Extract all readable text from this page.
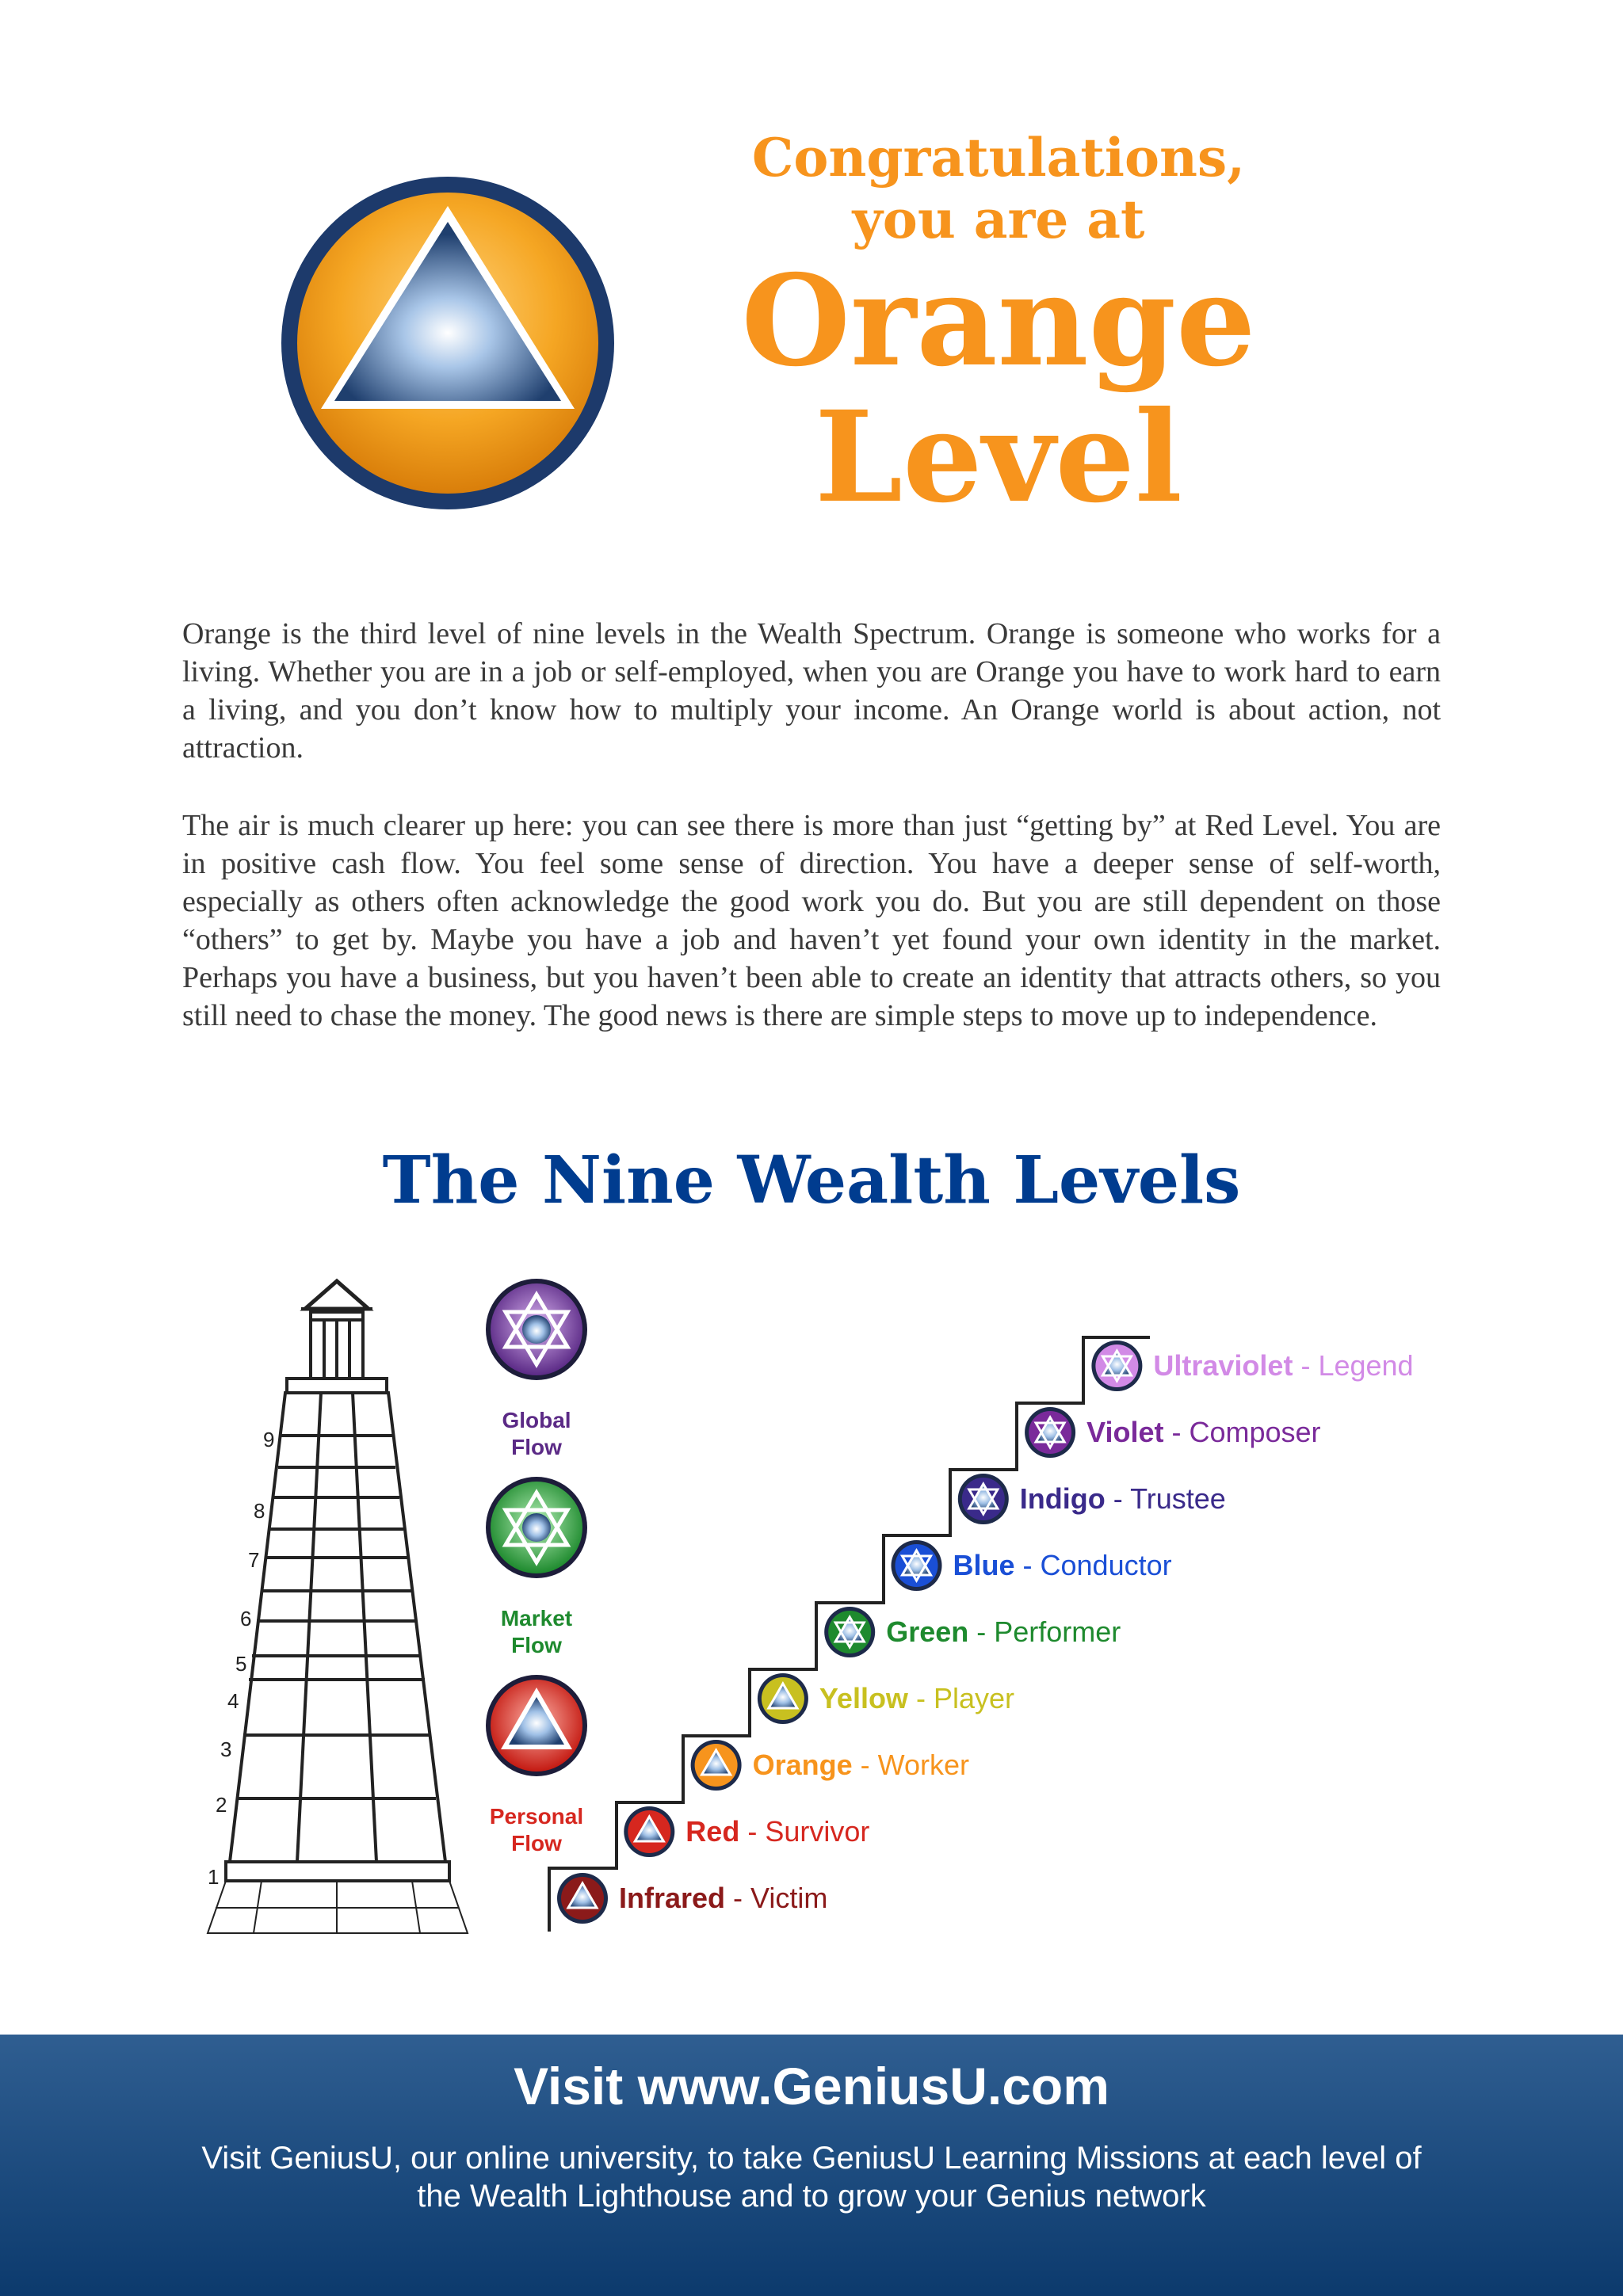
Congratulations,
you are at
Orange
Level

Orange is the third level of nine levels in the Wealth Spectrum. Orange is someone who works for a living. Whether you are in a job or self-employed, when you are Orange you have to work hard to earn a living, and you don’t know how to multiply your income. An Orange world is about action, not attraction.

The air is much clearer up here: you can see there is more than just “getting by” at Red Level. You are in positive cash flow. You feel some sense of direction. You have a deeper sense of self-worth, especially as others often acknowledge the good work you do. But you are still dependent on those “others” to get by. Maybe you have a job and haven’t yet found your own identity in the market. Perhaps you have a business, but you haven’t been able to create an identity that attracts others, so you still need to chase the money. The good news is there are simple steps to move up to independence.

The Nine Wealth Levels
1
2
3
4
5
6
7
8
9
Global
Flow
Market
Flow
Personal
Flow
Infrared - Victim
Red - Survivor
Orange - Worker
Yellow - Player
Green - Performer
Blue - Conductor
Indigo - Trustee
Violet - Composer
Ultraviolet - Legend
Visit www.GeniusU.com
Visit GeniusU, our online university, to take GeniusU Learning Missions at each level of the Wealth Lighthouse and to grow your Genius network
